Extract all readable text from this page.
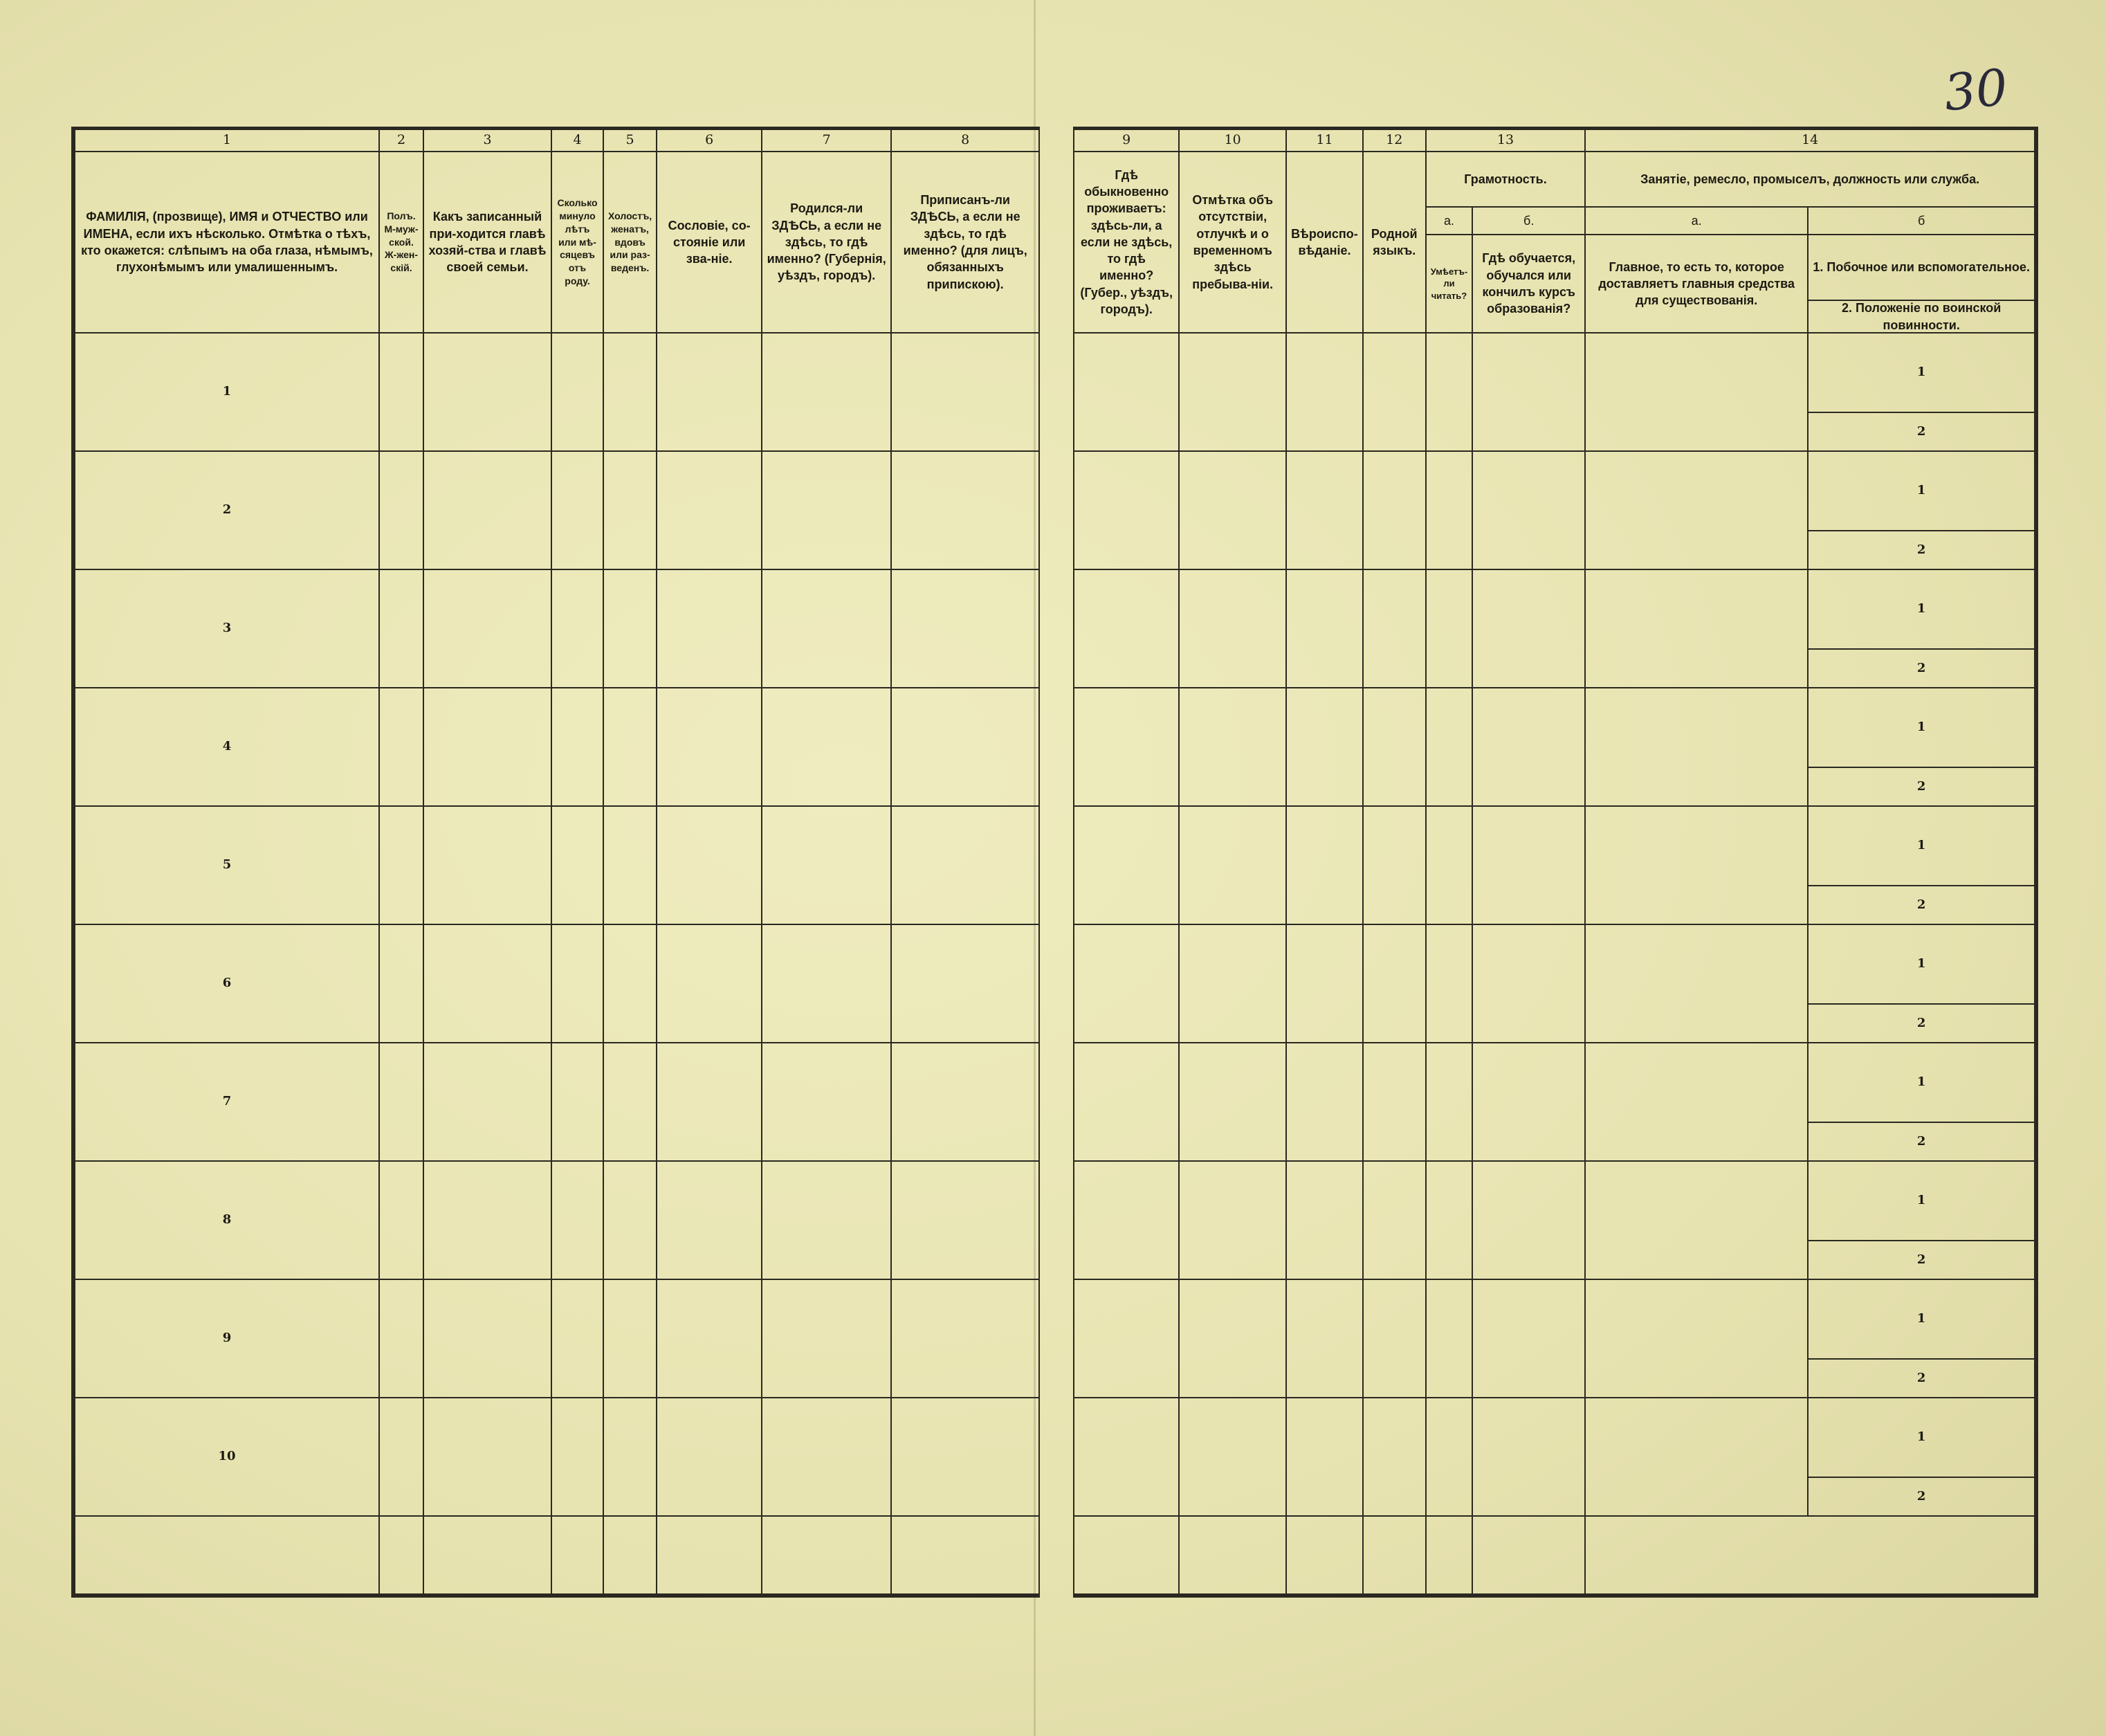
30
1	2	3	4	5	6	7	8		9	10	11	12	13		14	
ФАМИЛІЯ, (прозвище), ИМЯ и ОТЧЕСТВО или ИМЕНА, если ихъ нѣсколько. Отмѣтка о тѣхъ, кто окажется: слѣпымъ на оба глаза, нѣмымъ, глухонѣмымъ или умалишеннымъ.	Полъ. М-муж-ской. Ж-жен-скій.	Какъ записанный при-ходится главѣ хозяй-ства и главѣ своей семьи.	Сколько минуло лѣтъ или мѣ-сяцевъ отъ роду.	Холостъ, женатъ, вдовъ или раз-веденъ.	Сословіе, со-стояніе или зва-ніе.	Родился-ли ЗДѢСЬ, а если не здѣсь, то гдѣ именно? (Губернія, уѣздъ, городъ).	Приписанъ-ли ЗДѢСЬ, а если не здѣсь, то гдѣ именно? (для лицъ, обязанныхъ припискою).		Гдѣ обыкновенно проживаетъ: здѣсь-ли, а если не здѣсь, то гдѣ именно? (Губер., уѣздъ, городъ).	Отмѣтка объ отсутствіи, отлучкѣ и о временномъ здѣсь пребыва-ніи.	Вѣроиспо-вѣданіе.	Родной языкъ.	Грамотность.		Занятіе, ремесло, промыселъ, должность или служба.	
													а.	б.	а.	б
													Умѣетъ-ли читать?	Гдѣ обучается, обучался или кончилъ курсъ образованія?	Главное, то есть то, которое доставляетъ главныя средства для существованія.	1. Побочное или вспомогательное.
2. Положеніе по воинской повинности.

1																1
																2
2																1
																2
3																1
																2
4																1
																2
5																1
																2
6																1
																2
7																1
																2
8																1
																2
9																1
																2
10																1
																2
